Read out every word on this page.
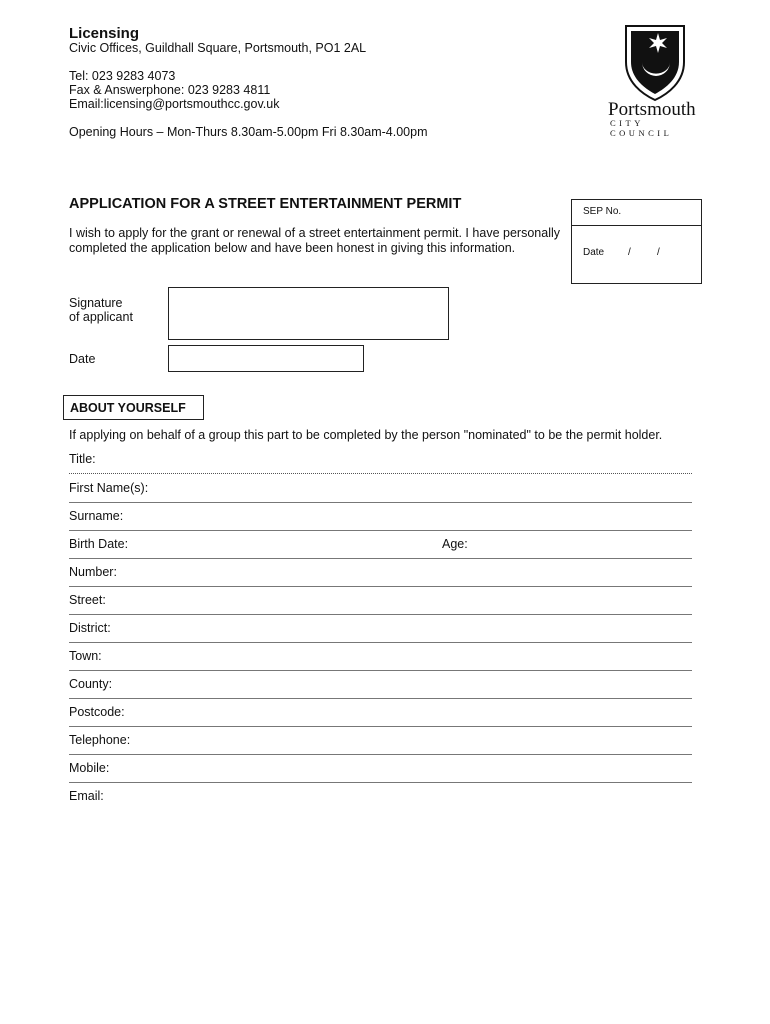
Licensing
Civic Offices, Guildhall Square, Portsmouth, PO1 2AL
Tel: 023 9283 4073
Fax & Answerphone: 023 9283 4811
Email:licensing@portsmouthcc.gov.uk
Opening Hours – Mon-Thurs 8.30am-5.00pm Fri 8.30am-4.00pm
Portsmouth
CITY COUNCIL
APPLICATION FOR A STREET ENTERTAINMENT PERMIT	SEP No.
Date /	/
I wish to apply for the grant or renewal of a street entertainment permit. I have personally completed the application below and have been honest in giving this information.
Signature
of applicant
Date
ABOUT YOURSELF
If applying on behalf of a group this part to be completed by the person "nominated" to be the permit holder.
Title:
First Name(s):
Surname:
Birth Date:	Age:
Number:
Street:
District:
Town:
County:
Postcode:
Telephone:
Mobile:
Email:
